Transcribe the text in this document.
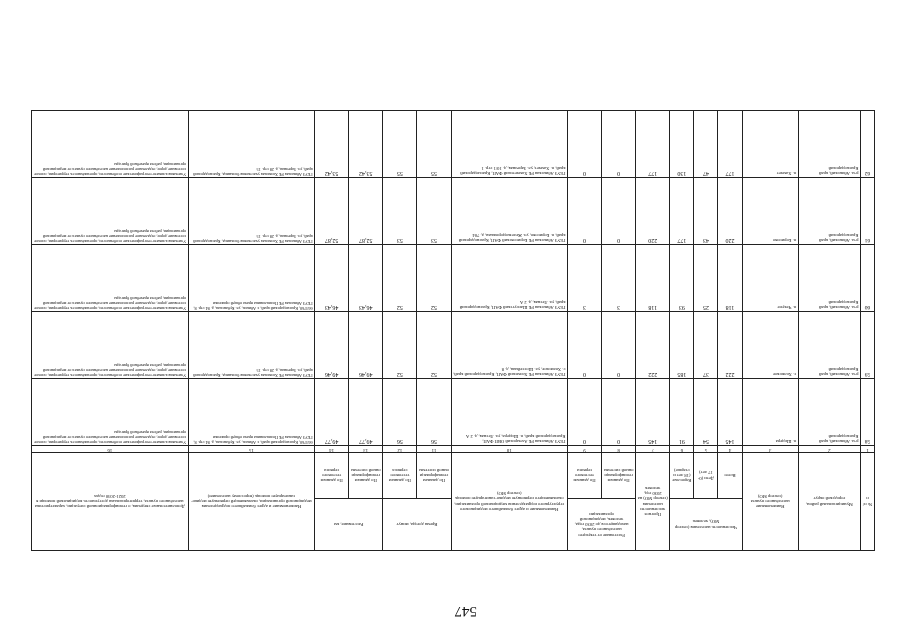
547
№ п/п	Муниципальный район, городской округ	Наименование населённого пункта (сектор МО)	Численность населения (сектор МО), человек			Прогноз численности населения (сектор МО) на 2030 год, человек	Расстояние от текущего населённого пункта, находящегося до 2030 года, человек, медицинской организации		Наименование и адрес ближайшего медицинского структурного подразделения медицинской организации, оказывающего первичную медико-санитарную помощь (сектор МО)	Время доезда, минут		Расстояние, км		Наименование и адрес ближайшего подразделения медицинской организации, оказывающей первичную медико-санитарную помощь (взрослому населению)	Дополнительные сведения, о геоинформационной ситуации, характеристика населённого пункта, территориальная доступность медицинской помощи в 2021-2030 годах
			Всего	Дети (0-17 лет)	Взрослые (18 лет и старше)		По данным геоинформационной системы	По данным тестового сервиса		По данным геоинформационной системы	По данным тестового сервиса	По данным геоинформационной системы	По данным тестового сервиса		
1	2	3	4	5	6	7	8	9	10	11	12	13	14	15	16
58	р-н. Абинский, край Краснодарский	п. Шидера	145	54	91	145	0	0	ГБУЗ Абинская РБ Ахтырский ОВП ФАП, Краснодарский край, п. Шидера, ул. Лесная, д. 2 А	56	56	49,77	49,77	663760, Краснодарский край, г. Абинск, ул. Кубанская, д. 84 стр. 8, ГБУЗ Абинская РБ Поликлиника врача общей практики	Учитывая климато-географические особенности, протяжённость территории, плохое состояние дорог, отдаленное расположение населённого пункта от медицинской организации, работа врачебной бригады
59	р-н. Абинский, край Краснодарский	с. Холмское	222	37	185	222	0	0	ГБУЗ Абинская РБ Холмский ФАП, Краснодарский край, с. Холмское, ул. Шоссейная, д. 8	52	52	49,46	49,46	ГБУЗ Абинская РБ Холмская участковая больница, Краснодарский край, ул. Заречная, д. 28 стр. 15	Учитывая климато-географические особенности, протяжённость территории, плохое состояние дорог, отдаленное расположение населённого пункта от медицинской организации, работа врачебной бригады
60	р-н. Абинский, край Краснодарский	п. Чекупе	118	25	93	118	3	3	ГБУЗ Абинская РБ Шапсугский ФАП, Краснодарский край, ул. Лесная, д. 2 А	52	52	46,43	46,43	663760, Краснодарский край, г. Абинск, ул. Кубанская, д. 84 стр. 8, ГБУЗ Абинская РБ Поликлиника врача общей практики	Учитывая климато-географические особенности, протяжённость территории, плохое состояние дорог, отдаленное расположение населённого пункта от медицинской организации, работа врачебной бригады
61	р-н. Абинский, край Краснодарский	п. Борисово	220	43	177	220	0	0	ГБУЗ Абинская РБ Борисовский ФАП, Краснодарский край, п. Борисово, ул. Железнодорожная, д. 704	53	53	52,87	52,87	ГБУЗ Абинская РБ Холмская участковая больница, Краснодарский край, ул. Заречная, д. 28 стр. 15	Учитывая климато-географические особенности, протяжённость территории, плохое состояние дорог, отдаленное расположение населённого пункта от медицинской организации, работа врачебной бригады
62	р-н. Абинский, край Краснодарский	п. Хамчет	177	47	130	177	0	0	ГБУЗ Абинская РБ Хамчетский ФАП, Краснодарский край, п. Хамчет, ул. Заречная, д. 10/1 стр. 1	55	55	53,42	53,42	ГБУЗ Абинская РБ Холмская участковая больница, Краснодарский край, ул. Заречная, д. 28 стр. 15	Учитывая климато-географические особенности, протяжённость территории, плохое состояние дорог, отдаленное расположение населённого пункта от медицинской организации, работа врачебной бригады
